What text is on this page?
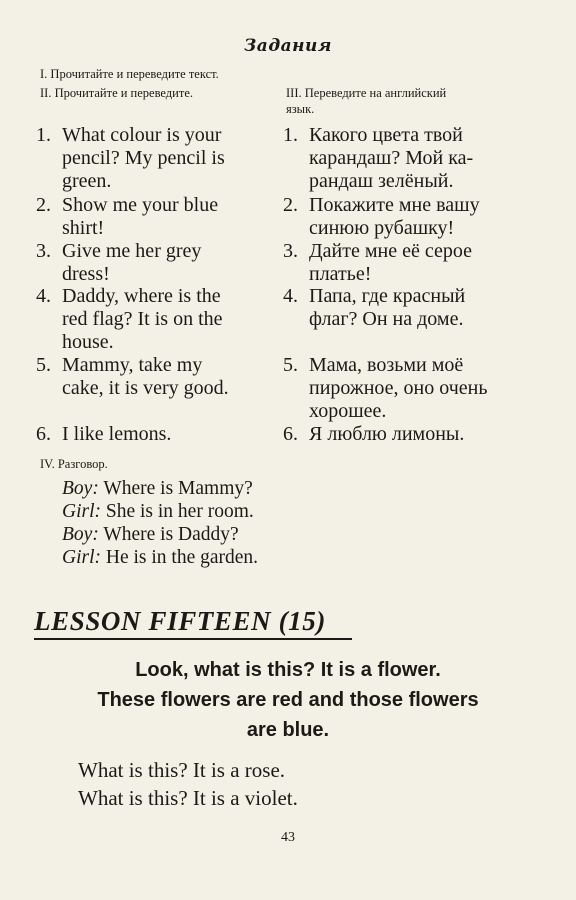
Задания
I. Прочитайте и переведите текст.
II. Прочитайте и переведите.	III. Переведите на английский
язык.
1. What colour is your
pencil? My pencil is
green.
2. Show me your blue
shirt!
3. Give me her grey
dress!
4. Daddy, where is the
red flag? It is on the
house.
5. Mammy, take my
cake, it is very good.
6. I like lemons.
1. Какого цвета твой
карандаш? Мой ка-
рандаш зелёный.
2. Покажите мне вашу
синюю рубашку!
3. Дайте мне её серое
платье!
4. Папа, где красный
флаг? Он на доме.
5. Мама, возьми моё
пирожное, оно очень
хорошее.
6. Я люблю лимоны.
IV. Разговор.
Boy: Where is Mammy?
Girl: She is in her room.
Boy: Where is Daddy?
Girl: He is in the garden.
LESSON FIFTEEN (15)
Look, what is this? It is a flower.
These flowers are red and those flowers
are blue.
What is this? It is a rose.
What is this? It is a violet.
43
